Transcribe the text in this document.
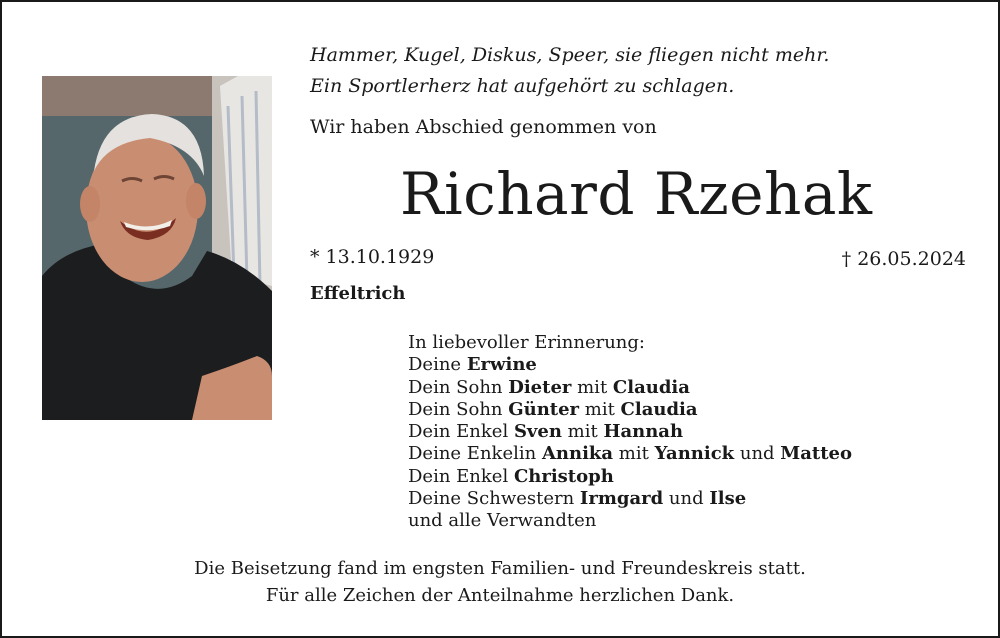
Hammer, Kugel, Diskus, Speer, sie fliegen nicht mehr.
Ein Sportlerherz hat aufgehört zu schlagen.
Wir haben Abschied genommen von
Richard Rzehak
* 13.10.1929	† 26.05.2024
Effeltrich
In liebevoller Erinnerung:
Deine Erwine
Dein Sohn Dieter mit Claudia
Dein Sohn Günter mit Claudia
Dein Enkel Sven mit Hannah
Deine Enkelin Annika mit Yannick und Matteo
Dein Enkel Christoph
Deine Schwestern Irmgard und Ilse
und alle Verwandten
Die Beisetzung fand im engsten Familien- und Freundeskreis statt.
Für alle Zeichen der Anteilnahme herzlichen Dank.
